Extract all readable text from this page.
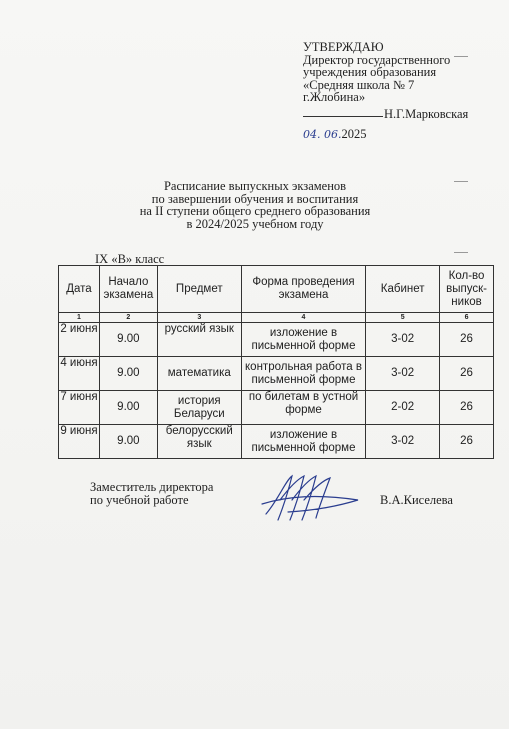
УТВЕРЖДАЮ
Директор государственного
учреждения образования
«Средняя школа № 7
г.Жлобина»
Н.Г.Марковская
04. 06.2025
Расписание выпускных экзаменов
по завершении обучения и воспитания
на II ступени общего среднего образования
в 2024/2025 учебном году
IX «В» класс
Дата	Начало экзамена	Предмет	Форма проведения экзамена	Кабинет	Кол-во выпуск-ников
1	2	3	4	5	6
2 июня	9.00	русский язык	изложение в письменной форме	3-02	26
4 июня	9.00	математика	контрольная работа в письменной форме	3-02	26
7 июня	9.00	история Беларуси	по билетам в устной форме	2-02	26
9 июня	9.00	белорусский язык	изложение в письменной форме	3-02	26
Заместитель директора
по учебной работе	В.А.Киселева
